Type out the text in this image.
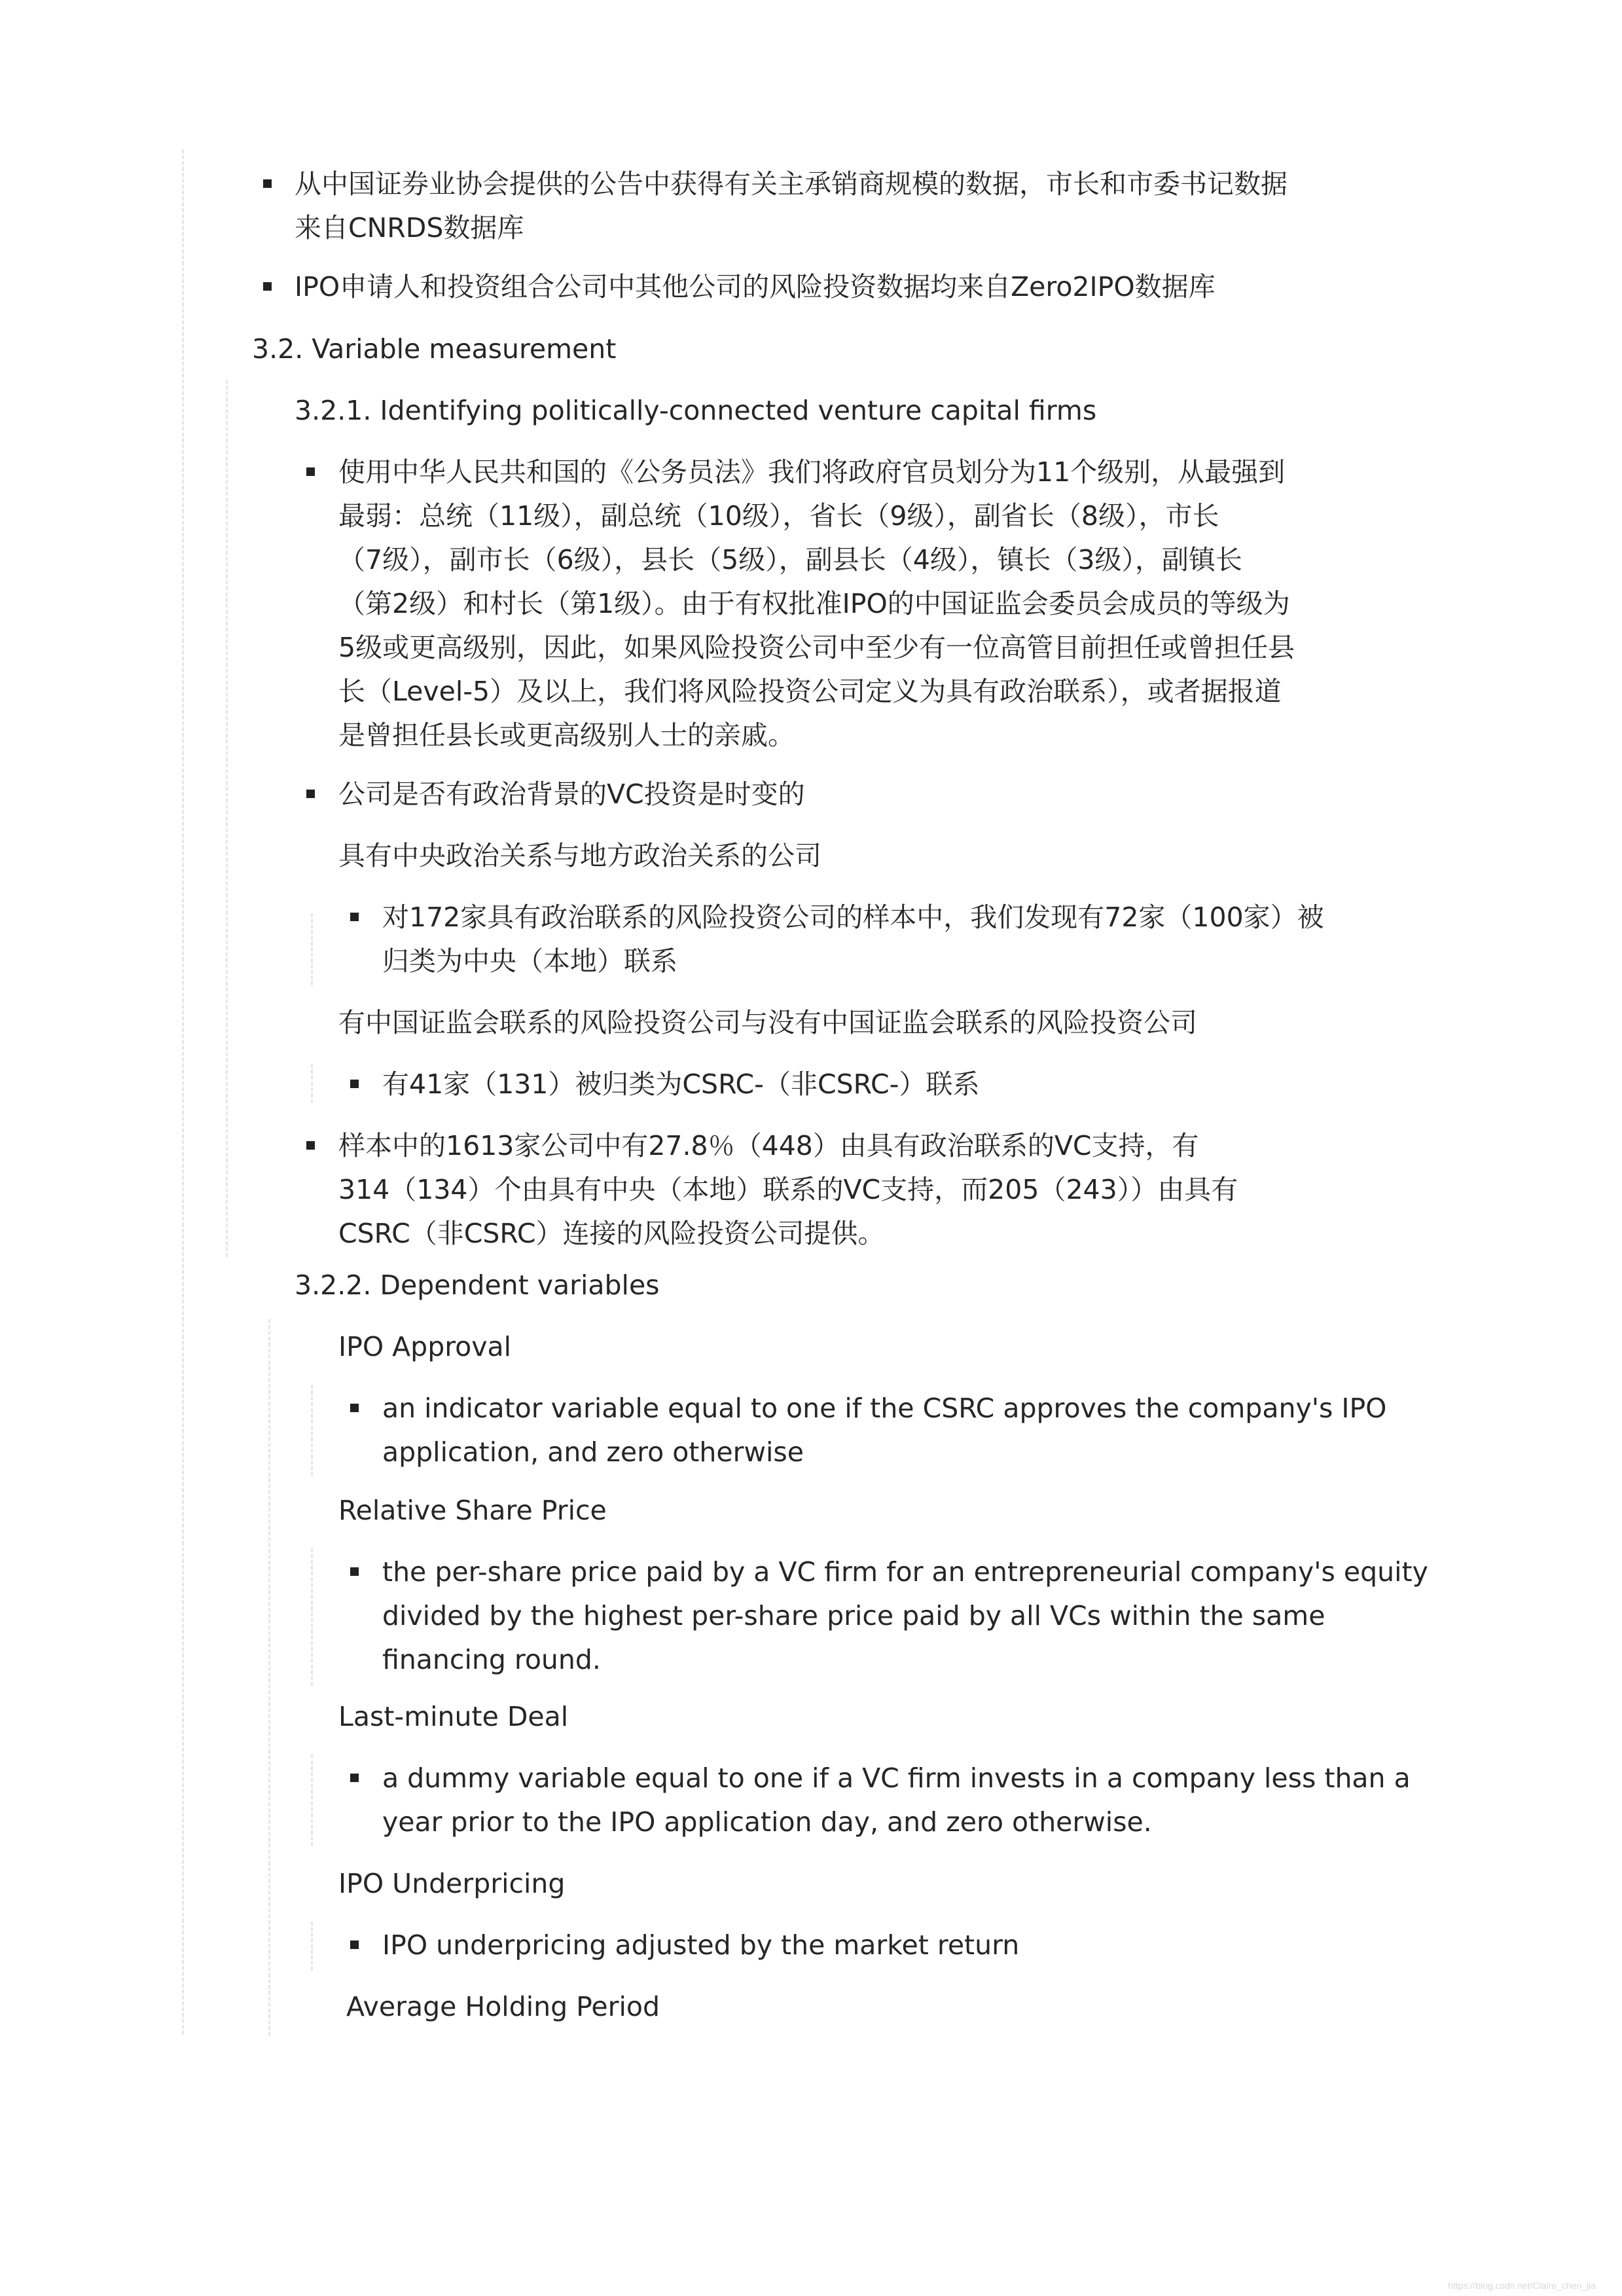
从中国证券业协会提供的公告中获得有关主承销商规模的数据，市长和市委书记数据
来自CNRDS数据库
IPO申请人和投资组合公司中其他公司的风险投资数据均来自Zero2IPO数据库
3.2. Variable measurement
3.2.1. Identifying politically-connected venture capital firms
使用中华人民共和国的《公务员法》我们将政府官员划分为11个级别，从最强到
最弱：总统（11级），副总统（10级），省长（9级），副省长（8级），市长
（7级），副市长（6级），县长（5级），副县长（4级），镇长（3级），副镇长
（第2级）和村长（第1级）。由于有权批准IPO的中国证监会委员会成员的等级为
5级或更高级别，因此，如果风险投资公司中至少有一位高管目前担任或曾担任县
长（Level-5）及以上，我们将风险投资公司定义为具有政治联系），或者据报道
是曾担任县长或更高级别人士的亲戚。
公司是否有政治背景的VC投资是时变的
具有中央政治关系与地方政治关系的公司
对172家具有政治联系的风险投资公司的样本中，我们发现有72家（100家）被
归类为中央（本地）联系
有中国证监会联系的风险投资公司与没有中国证监会联系的风险投资公司
有41家（131）被归类为CSRC-（非CSRC-）联系
样本中的1613家公司中有27.8％（448）由具有政治联系的VC支持，有
314（134）个由具有中央（本地）联系的VC支持，而205（243））由具有
CSRC（非CSRC）连接的风险投资公司提供。
3.2.2. Dependent variables
IPO Approval
an indicator variable equal to one if the CSRC approves the company's IPO
application, and zero otherwise
Relative Share Price
the per-share price paid by a VC firm for an entrepreneurial company's equity
divided by the highest per-share price paid by all VCs within the same
financing round.
Last-minute Deal
a dummy variable equal to one if a VC firm invests in a company less than a
year prior to the IPO application day, and zero otherwise.
IPO Underpricing
IPO underpricing adjusted by the market return
Average Holding Period
https://blog.csdn.net/Claire_chen_jia
